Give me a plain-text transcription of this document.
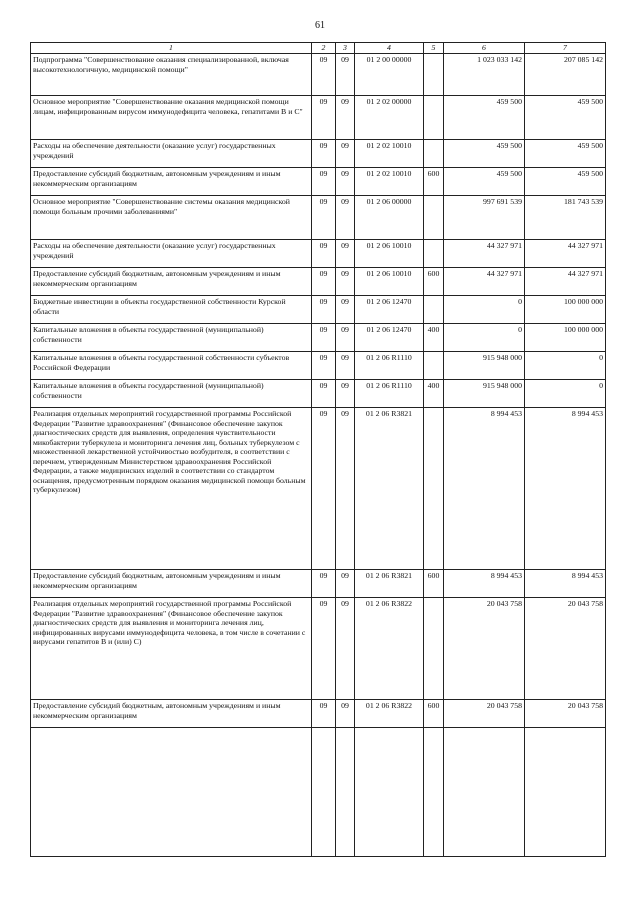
61
1	2	3	4	5	6	7
Подпрограмма "Совершенствование оказания специализированной, включая высокотехнологичную, медицинской помощи"	09	09	01 2 00 00000		1 023 033 142	207 085 142
Основное мероприятие "Совершенствование оказания медицинской помощи лицам, инфицированным вирусом иммунодефицита человека, гепатитами B и C"	09	09	01 2 02 00000		459 500	459 500
Расходы на обеспечение деятельности (оказание услуг) государственных учреждений	09	09	01 2 02 10010		459 500	459 500
Предоставление субсидий бюджетным, автономным учреждениям и иным некоммерческим организациям	09	09	01 2 02 10010	600	459 500	459 500
Основное мероприятие "Совершенствование системы оказания медицинской помощи больным прочими заболеваниями"	09	09	01 2 06 00000		997 691 539	181 743 539
Расходы на обеспечение деятельности (оказание услуг) государственных учреждений	09	09	01 2 06 10010		44 327 971	44 327 971
Предоставление субсидий бюджетным, автономным учреждениям и иным некоммерческим организациям	09	09	01 2 06 10010	600	44 327 971	44 327 971
Бюджетные инвестиции в объекты государственной собственности Курской области	09	09	01 2 06 12470		0	100 000 000
Капитальные вложения в объекты государственной (муниципальной) собственности	09	09	01 2 06 12470	400	0	100 000 000
Капитальные вложения в объекты государственной собственности субъектов Российской Федерации	09	09	01 2 06 R1110		915 948 000	0
Капитальные вложения в объекты государственной (муниципальной) собственности	09	09	01 2 06 R1110	400	915 948 000	0
Реализация отдельных мероприятий государственной программы Российской Федерации "Развитие здравоохранения" (Финансовое обеспечение закупок диагностических средств для выявления, определения чувствительности микобактерии туберкулеза и мониторинга лечения лиц, больных туберкулезом с множественной лекарственной устойчивостью возбудителя, в соответствии с перечнем, утвержденным Министерством здравоохранения Российской Федерации, а также медицинских изделий в соответствии со стандартом оснащения, предусмотренным порядком оказания медицинской помощи больным туберкулезом)	09	09	01 2 06 R3821		8 994 453	8 994 453
Предоставление субсидий бюджетным, автономным учреждениям и иным некоммерческим организациям	09	09	01 2 06 R3821	600	8 994 453	8 994 453
Реализация отдельных мероприятий государственной программы Российской Федерации "Развитие здравоохранения" (Финансовое обеспечение закупок диагностических средств для выявления и мониторинга лечения лиц, инфицированных вирусами иммунодефицита человека, в том числе в сочетании с вирусами гепатитов B и (или) C)	09	09	01 2 06 R3822		20 043 758	20 043 758
Предоставление субсидий бюджетным, автономным учреждениям и иным некоммерческим организациям	09	09	01 2 06 R3822	600	20 043 758	20 043 758
